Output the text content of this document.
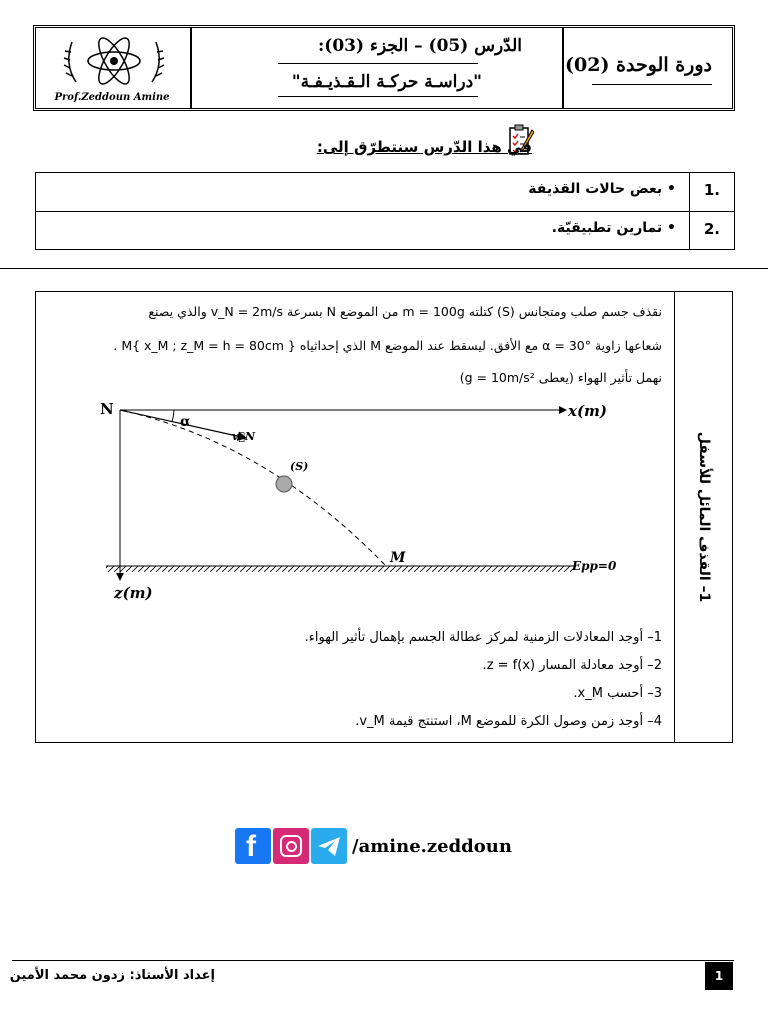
Prof.Zeddoun Amine
الدّرس (05) – الجزء (03):
"دراسـة حركـة الـقـذيـفـة"
دورة الوحدة (02)
في هذا الدّرس سنتطرّق إلى:
.1
• بعض حالات القذيفة
.2
• تمارين تطبيقيّة.
1– القذف المائل للأسفل
نقذف جسم صلب ومتجانس (S) كتلته m = 100g من الموضع N بسرعة v_N = 2m/s والذي يصنع
شعاعها زاوية α = 30° مع الأفق. ليسقط عند الموضع M الذي إحداثياه M{ x_M ; z_M = h = 80cm } .
نهمل تأثير الهواء (يعطى g = 10m/s²)
N	x(m)
α
v⃗N
(S)
M	Epp=0
z(m)
1– أوجد المعادلات الزمنية لمركز عطالة الجسم بإهمال تأثير الهواء.
2– أوجد معادلة المسار z = f(x).
3– أحسب x_M.
4– أوجد زمن وصول الكرة للموضع M، استنتج قيمة v_M.
f	/amine.zeddoun
إعداد الأستاذ: زدون محمد الأمين	1
